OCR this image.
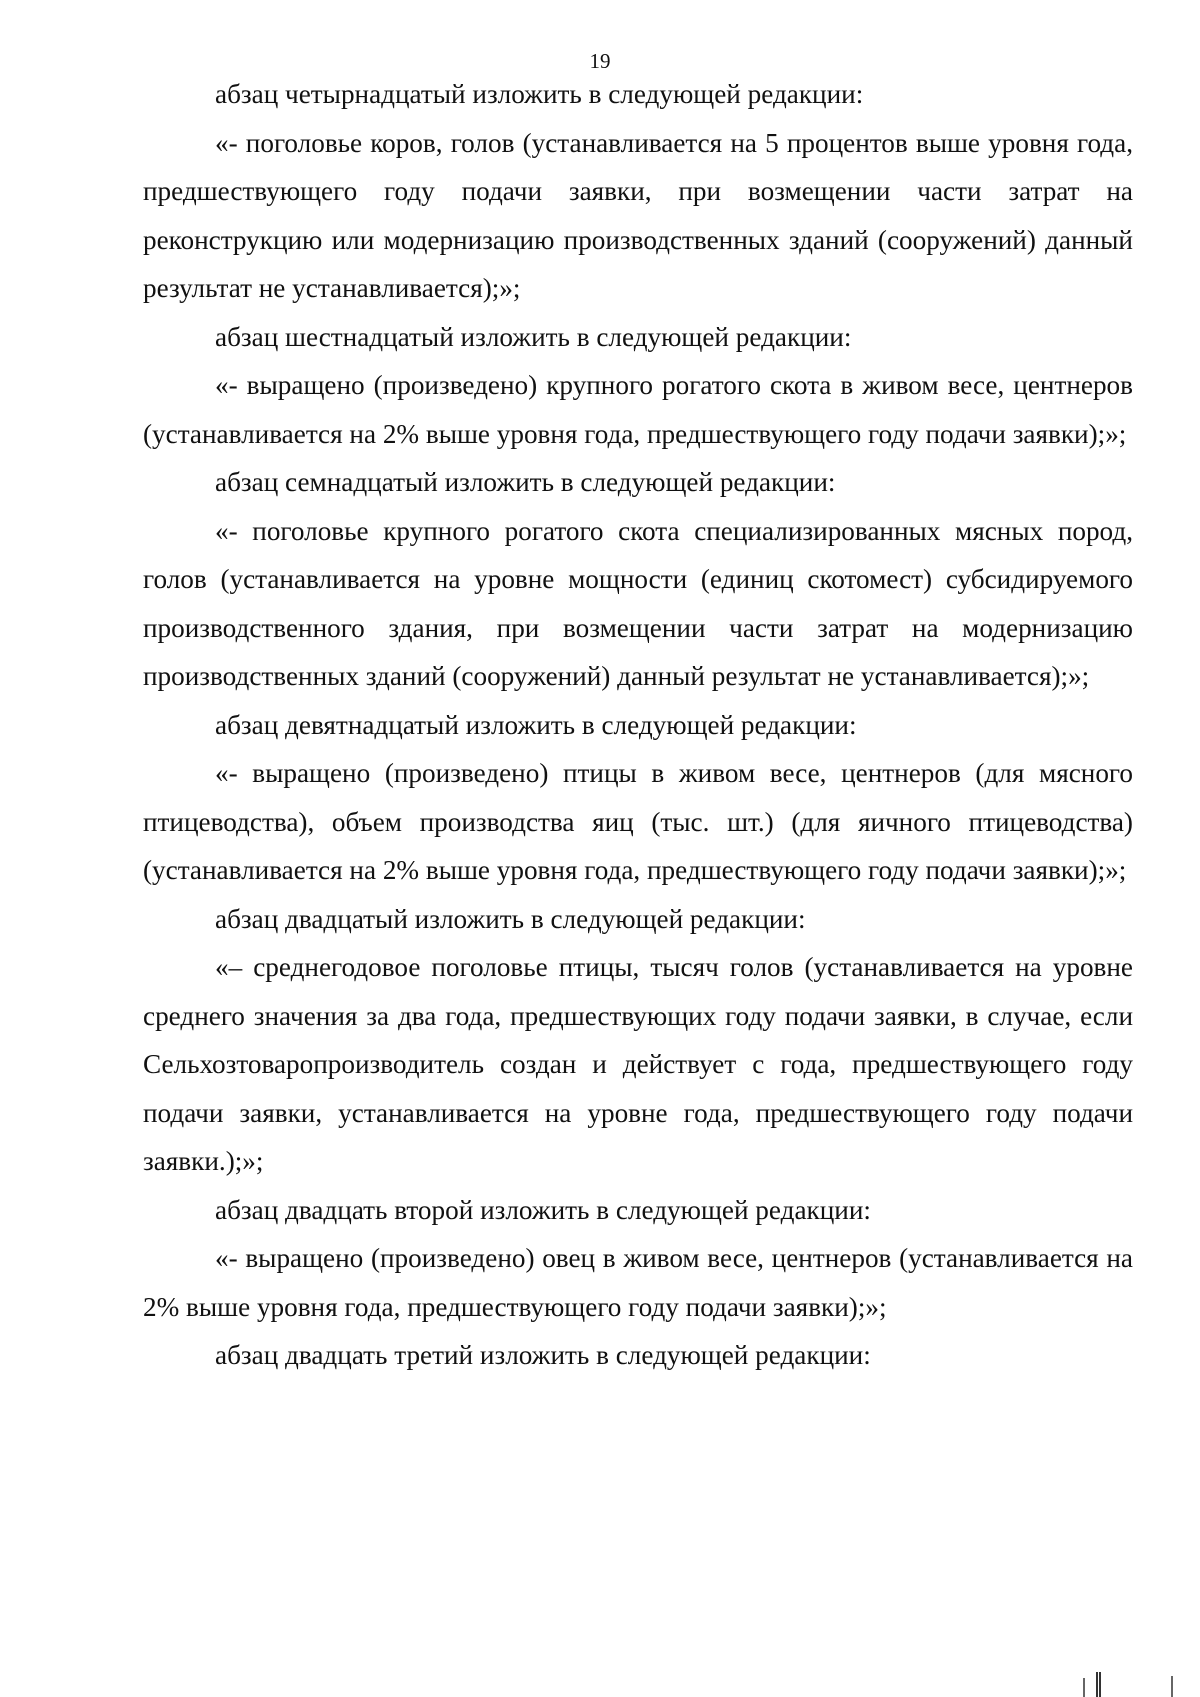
19

абзац четырнадцатый изложить в следующей редакции:

«- поголовье коров, голов (устанавливается на 5 процентов выше уровня года, предшествующего году подачи заявки, при возмещении части затрат на реконструкцию или модернизацию производственных зданий (сооружений) данный результат не устанавливается);»;

абзац шестнадцатый изложить в следующей редакции:

«- выращено (произведено) крупного рогатого скота в живом весе, центнеров (устанавливается на 2% выше уровня года, предшествующего году подачи заявки);»;

абзац семнадцатый изложить в следующей редакции:

«- поголовье крупного рогатого скота специализированных мясных пород, голов (устанавливается на уровне мощности (единиц скотомест) субсидируемого производственного здания, при возмещении части затрат на модернизацию производственных зданий (сооружений) данный результат не устанавливается);»;

абзац девятнадцатый изложить в следующей редакции:

«- выращено (произведено) птицы в живом весе, центнеров (для мясного птицеводства), объем производства яиц (тыс. шт.) (для яичного птицеводства) (устанавливается на 2% выше уровня года, предшествующего году подачи заявки);»;

абзац двадцатый изложить в следующей редакции:

«– среднегодовое поголовье птицы, тысяч голов (устанавливается на уровне среднего значения за два года, предшествующих году подачи заявки, в случае, если Сельхозтоваропроизводитель создан и действует с года, предшествующего году подачи заявки, устанавливается на уровне года, предшествующего году подачи заявки.);»;

абзац двадцать второй изложить в следующей редакции:

«- выращено (произведено) овец в живом весе, центнеров (устанавливается на 2% выше уровня года, предшествующего году подачи заявки);»;

абзац двадцать третий изложить в следующей редакции:
